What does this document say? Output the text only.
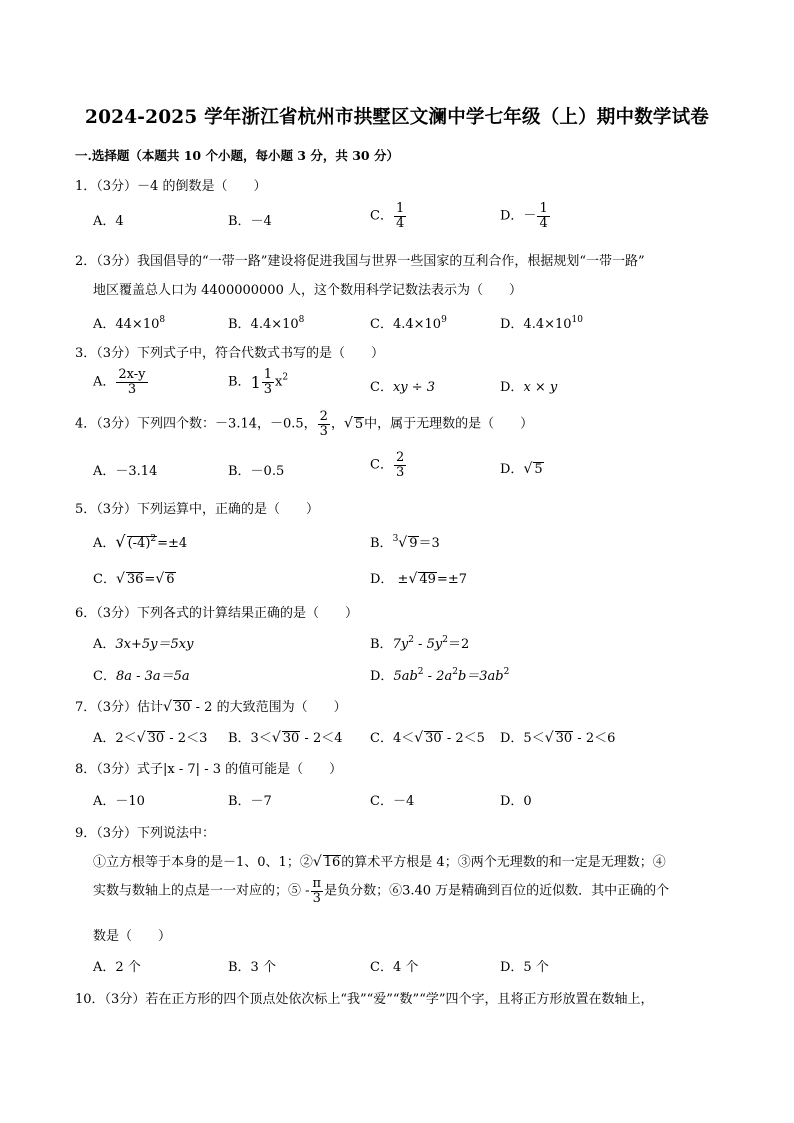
2024-2025 学年浙江省杭州市拱墅区文澜中学七年级（上）期中数学试卷
一.选择题（本题共 10 个小题，每小题 3 分，共 30 分）
1．（3分）－4 的倒数是（　　）
A．4	B．－4	C． $\frac{1}{4}$	D．－ $\frac{1}{4}$
2．（3分）我国倡导的“一带一路”建设将促进我国与世界一些国家的互利合作，根据规划“一带一路”
地区覆盖总人口为 4400000000 人，这个数用科学记数法表示为（　　）
A．$44\times 10^8$	B．$4.4\times 10^8$	C．$4.4\times 10^9$	D．$4.4\times 10^{10}$
3．（3分）下列式子中，符合代数式书写的是（　　）
A． $\frac{2x-y}{3}$	B．$1 \frac{1}{3} x^2$
C．xy ÷ 3	D．x × y
4．（3分）下列四个数：－3.14，－0.5， $\frac{2}{3}$ ，√ 5中，属于无理数的是（　　）
A．－3.14	B．－0.5	C． $\frac{2}{3}$	D．√ 5
5．（3分）下列运算中，正确的是（　　）
A．√ $(-4)^2=\pm 4$	B．$^3$√ 9＝3
C．√ 36=√ 6	D． ±√ 49=±7
6．（3分）下列各式的计算结果正确的是（　　）
A．3x+5y＝5xy	B．$7y^2 - 5y^2=2$
C．8a - 3a＝5a	D．$5ab^2 - 2a^2b=3ab^2$
7．（3分）估计√ 30 - 2 的大致范围为（　　）
A．2＜√ 30 - 2＜3 B．3＜√ 30 - 2＜4 C．4＜√ 30 - 2＜5 D．5＜√ 30 - 2＜6
8．（3分）式子|x - 7| - 3 的值可能是（　　）
A．－10	B．－7	C．－4	D．0
9．（3分）下列说法中：
①立方根等于本身的是－1、0、1；②√ 16的算术平方根是 4；③两个无理数的和一定是无理数；④
实数与数轴上的点是一一对应的；⑤ - $\frac{\pi}{3}$ 是负分数；⑥3.40 万是精确到百位的近似数．其中正确的个
数是（　　）
A．2 个	B．3 个	C．4 个	D．5 个
10．（3分）若在正方形的四个顶点处依次标上“我”“爱”“数”“学”四个字，且将正方形放置在数轴上，
